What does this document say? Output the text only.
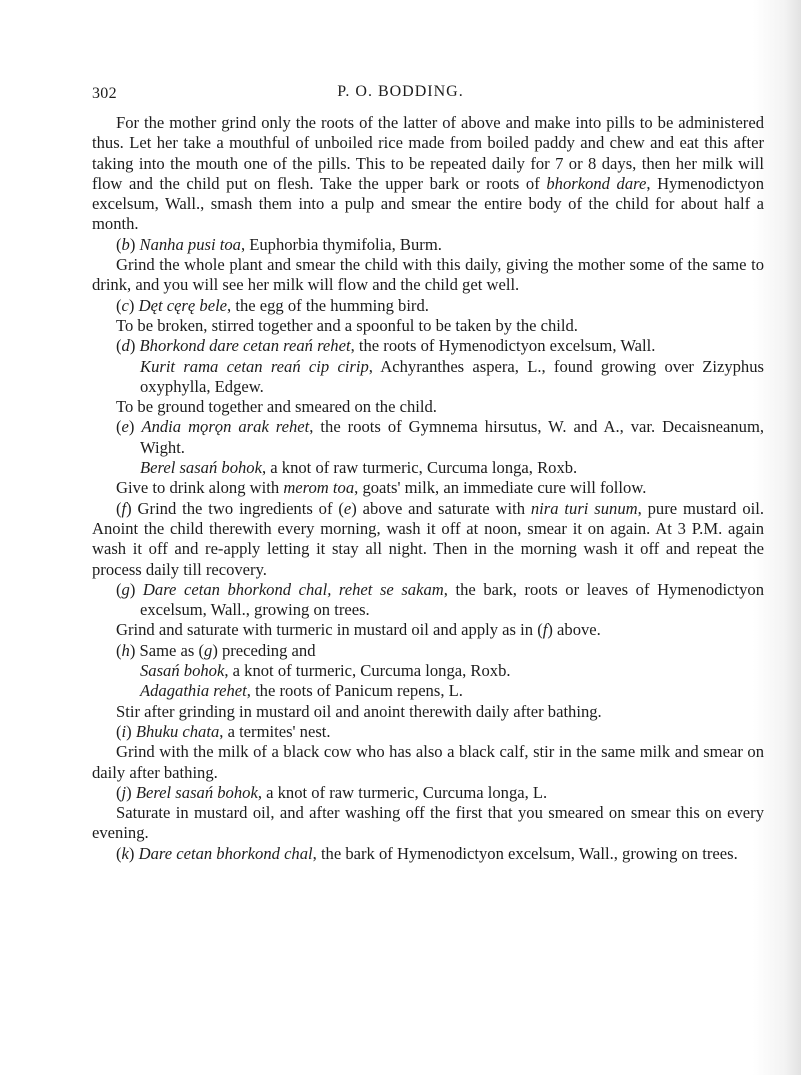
302	P. O. BODDING.

For the mother grind only the roots of the latter of above and make into pills to be administered thus. Let her take a mouthful of unboiled rice made from boiled paddy and chew and eat this after taking into the mouth one of the pills. This to be repeated daily for 7 or 8 days, then her milk will flow and the child put on flesh. Take the upper bark or roots of bhorkond dare, Hymenodictyon excelsum, Wall., smash them into a pulp and smear the entire body of the child for about half a month.

(b) Nanha pusi toa, Euphorbia thymifolia, Burm.

Grind the whole plant and smear the child with this daily, giving the mother some of the same to drink, and you will see her milk will flow and the child get well.

(c) Dęt cęrę bele, the egg of the humming bird.

To be broken, stirred together and a spoonful to be taken by the child.

(d) Bhorkond dare cetan reań rehet, the roots of Hymenodictyon excelsum, Wall.

Kurit rama cetan reań cip cirip, Achyranthes aspera, L., found growing over Zizyphus oxyphylla, Edgew.

To be ground together and smeared on the child.

(e) Andia mǫrǫn arak rehet, the roots of Gymnema hirsutus, W. and A., var. Decaisneanum, Wight.

Berel sasań bohok, a knot of raw turmeric, Curcuma longa, Roxb.

Give to drink along with merom toa, goats' milk, an immediate cure will follow.

(f) Grind the two ingredients of (e) above and saturate with nira turi sunum, pure mustard oil. Anoint the child therewith every morning, wash it off at noon, smear it on again. At 3 P.M. again wash it off and re-apply letting it stay all night. Then in the morning wash it off and repeat the process daily till recovery.

(g) Dare cetan bhorkond chal, rehet se sakam, the bark, roots or leaves of Hymenodictyon excelsum, Wall., growing on trees.

Grind and saturate with turmeric in mustard oil and apply as in (f) above.

(h) Same as (g) preceding and

Sasań bohok, a knot of turmeric, Curcuma longa, Roxb.

Adagathia rehet, the roots of Panicum repens, L.

Stir after grinding in mustard oil and anoint therewith daily after bathing.

(i) Bhuku chata, a termites' nest.

Grind with the milk of a black cow who has also a black calf, stir in the same milk and smear on daily after bathing.

(j) Berel sasań bohok, a knot of raw turmeric, Curcuma longa, L.

Saturate in mustard oil, and after washing off the first that you smeared on smear this on every evening.

(k) Dare cetan bhorkond chal, the bark of Hymenodictyon excelsum, Wall., growing on trees.
